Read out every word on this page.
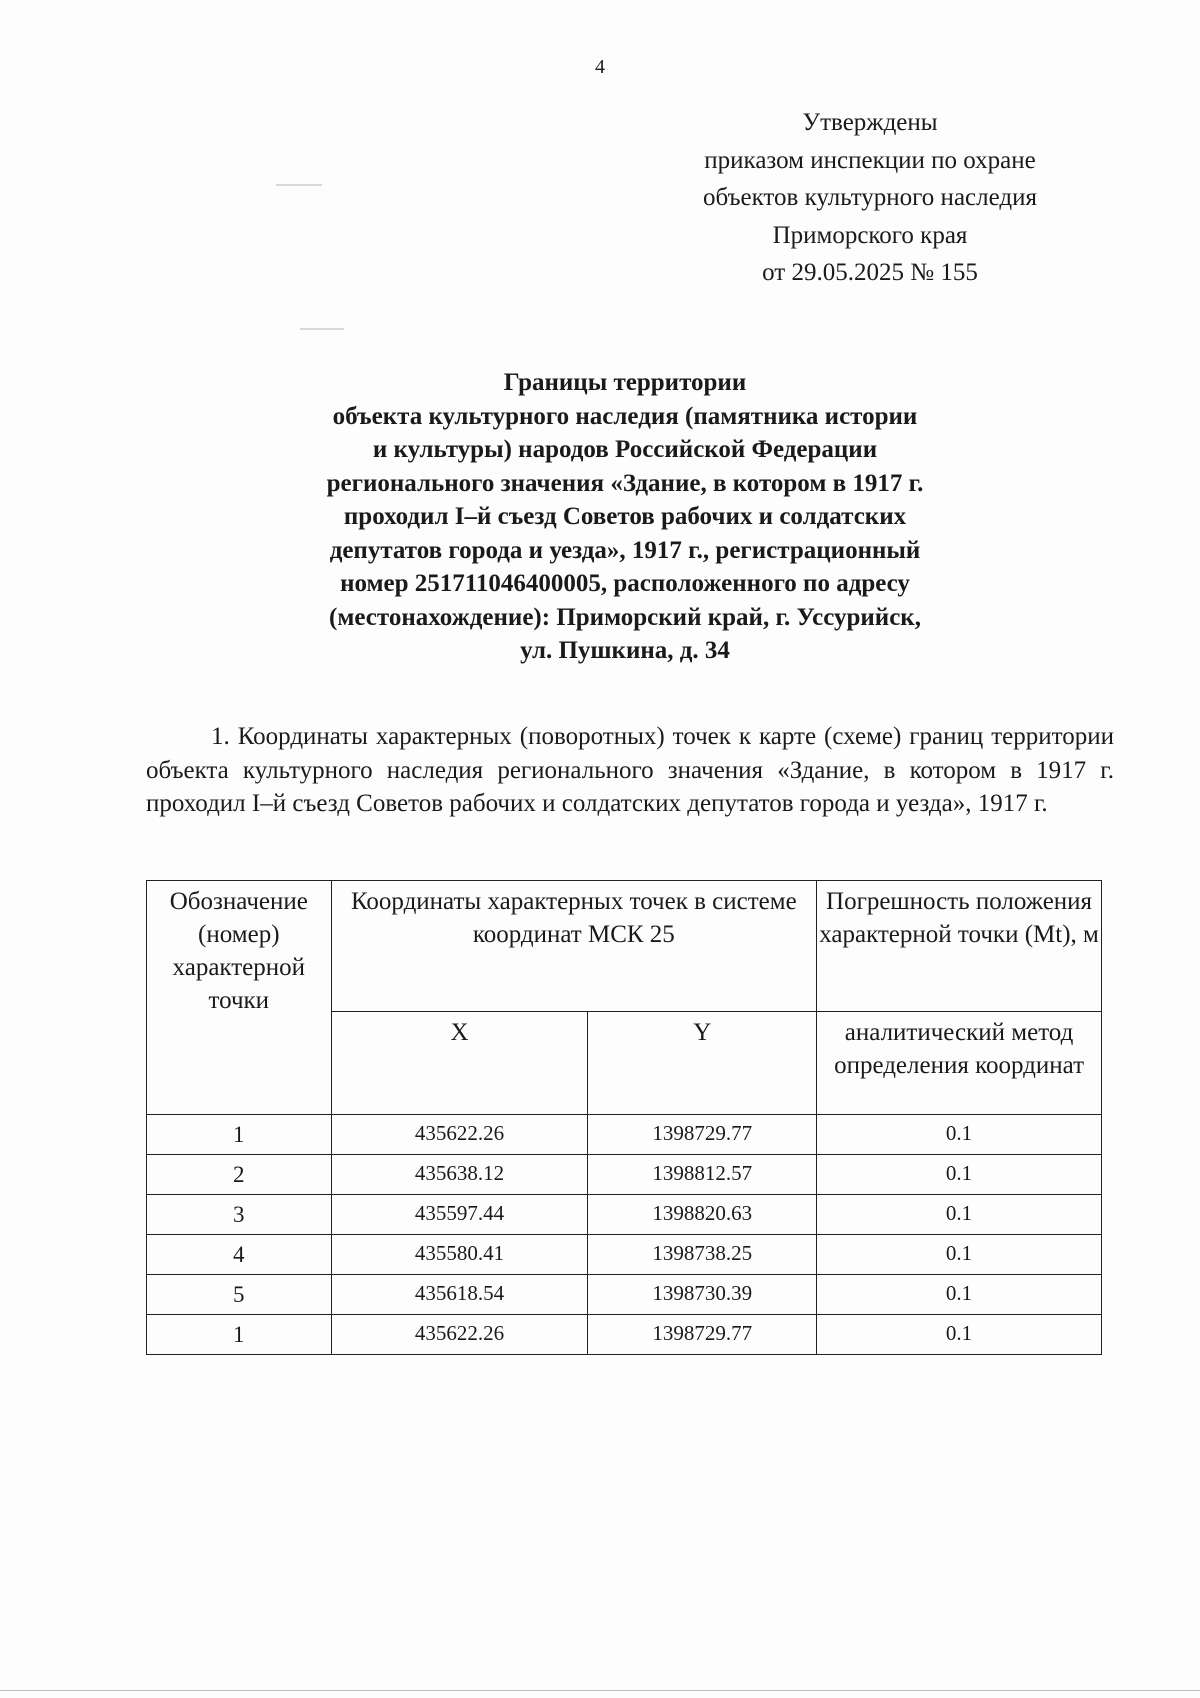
4
Утверждены
приказом инспекции по охране
объектов культурного наследия
Приморского края
от 29.05.2025 № 155
Границы территории
объекта культурного наследия (памятника истории
и культуры) народов Российской Федерации
регионального значения «Здание, в котором в 1917 г.
проходил I–й съезд Советов рабочих и солдатских
депутатов города и уезда», 1917 г., регистрационный
номер 251711046400005, расположенного по адресу
(местонахождение): Приморский край, г. Уссурийск,
ул. Пушкина, д. 34
1. Координаты характерных (поворотных) точек к карте (схеме) границ территории объекта культурного наследия регионального значения «Здание, в котором в 1917 г. проходил I–й съезд Советов рабочих и солдатских депутатов города и уезда», 1917 г.
Обозначение (номер) характерной точки	Координаты характерных точек в системе координат МСК 25		Погрешность положения характерной точки (Mt), м
	X	Y	аналитический метод определения координат
1	435622.26	1398729.77	0.1
2	435638.12	1398812.57	0.1
3	435597.44	1398820.63	0.1
4	435580.41	1398738.25	0.1
5	435618.54	1398730.39	0.1
1	435622.26	1398729.77	0.1
